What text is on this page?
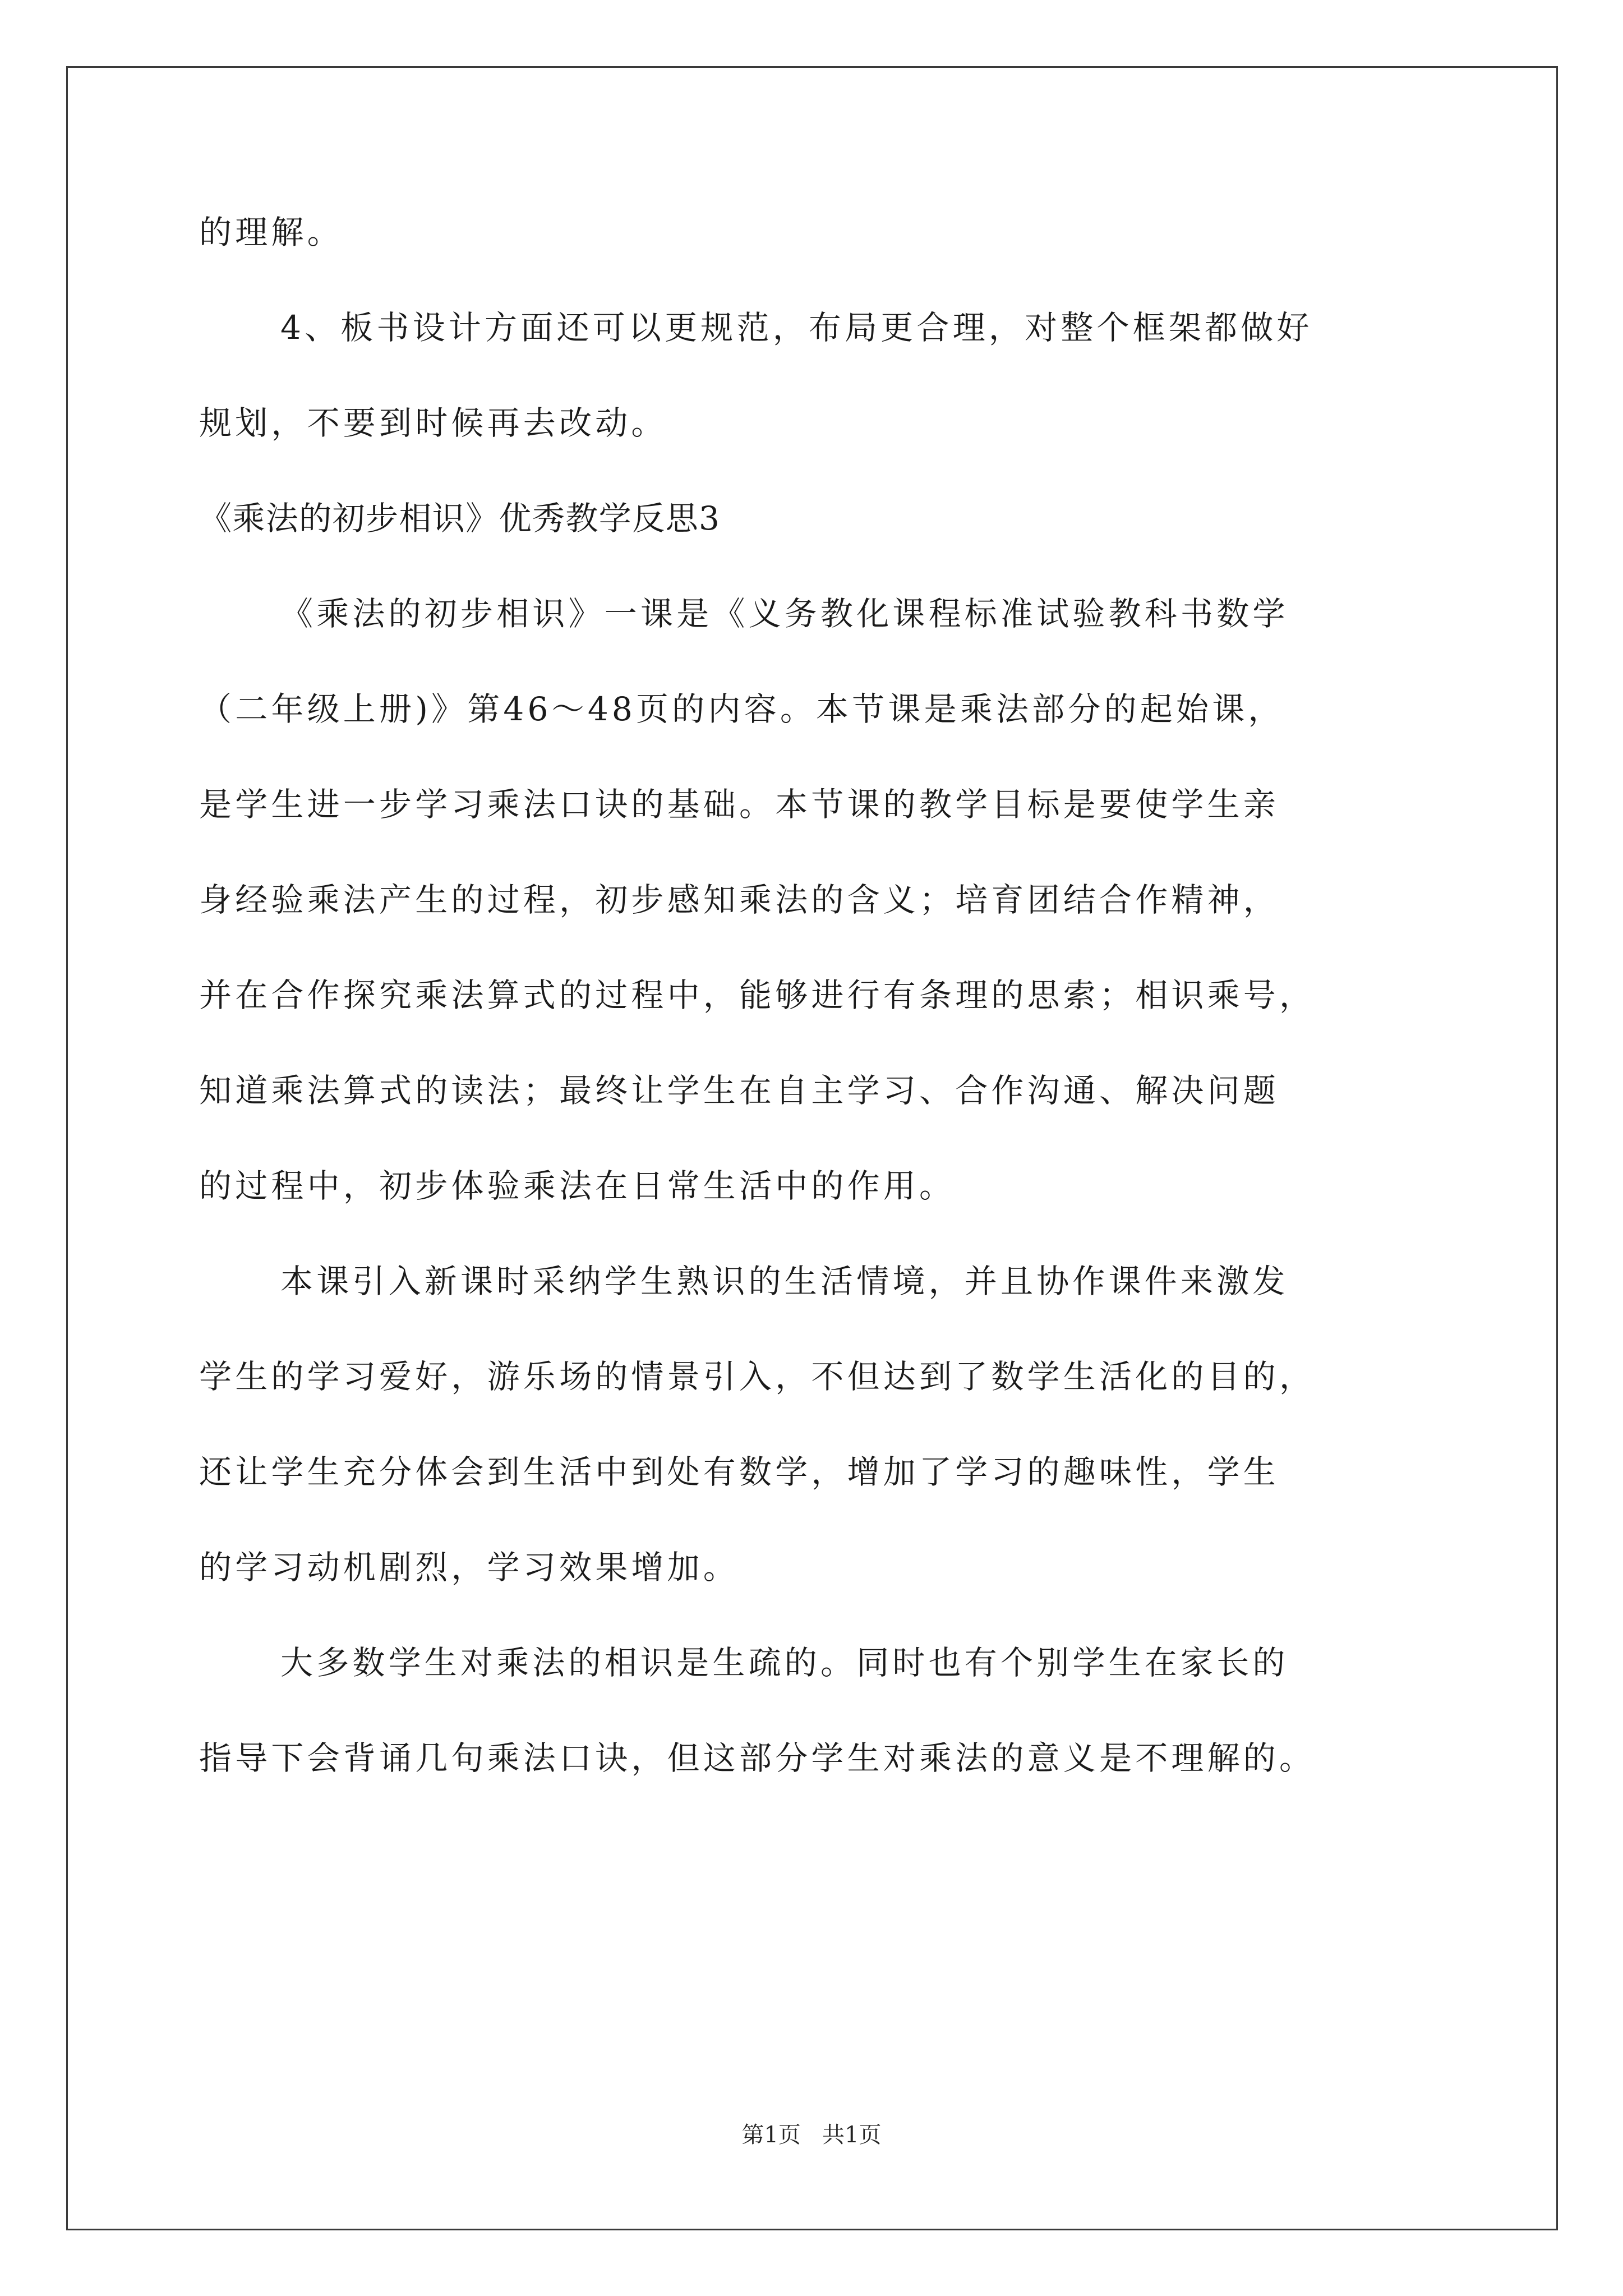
的理解。
4、板书设计方面还可以更规范，布局更合理，对整个框架都做好
规划，不要到时候再去改动。
《乘法的初步相识》优秀教学反思3
《乘法的初步相识》一课是《义务教化课程标准试验教科书数学
（二年级上册)》第46～48页的内容。本节课是乘法部分的起始课，
是学生进一步学习乘法口诀的基础。本节课的教学目标是要使学生亲
身经验乘法产生的过程，初步感知乘法的含义；培育团结合作精神，
并在合作探究乘法算式的过程中，能够进行有条理的思索；相识乘号，
知道乘法算式的读法；最终让学生在自主学习、合作沟通、解决问题
的过程中，初步体验乘法在日常生活中的作用。
本课引入新课时采纳学生熟识的生活情境，并且协作课件来激发
学生的学习爱好，游乐场的情景引入，不但达到了数学生活化的目的，
还让学生充分体会到生活中到处有数学，增加了学习的趣味性，学生
的学习动机剧烈，学习效果增加。
大多数学生对乘法的相识是生疏的。同时也有个别学生在家长的
指导下会背诵几句乘法口诀，但这部分学生对乘法的意义是不理解的。
第1页   共1页
